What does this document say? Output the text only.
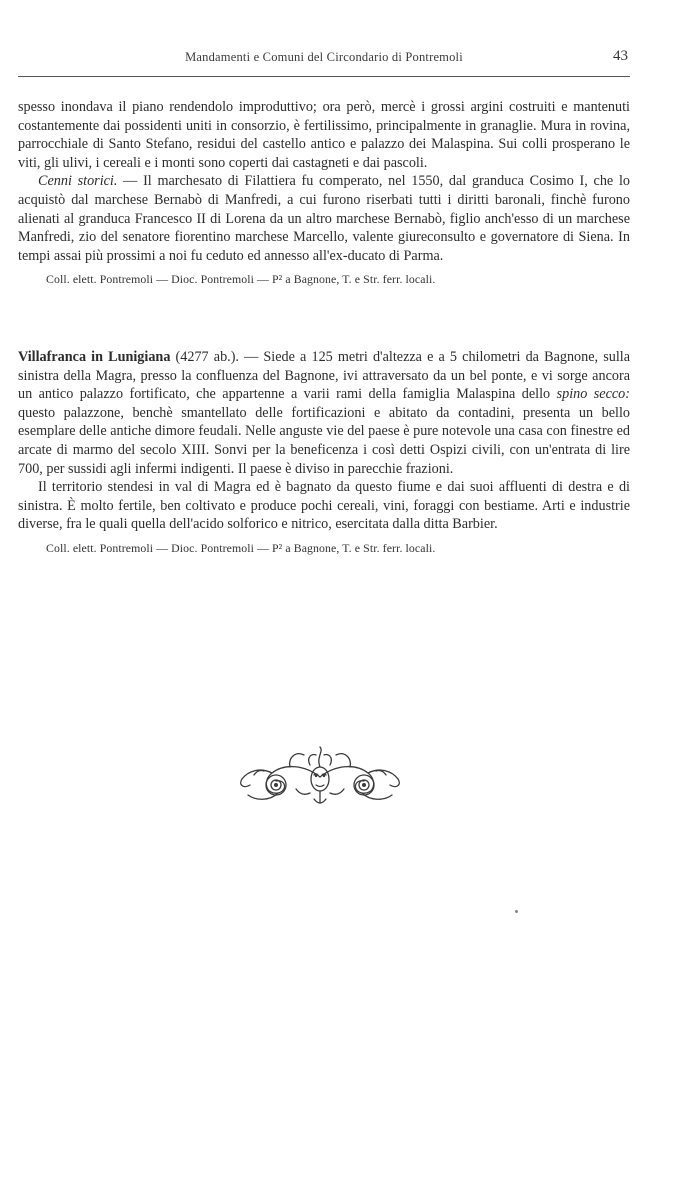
Mandamenti e Comuni del Circondario di Pontremoli	43

spesso inondava il piano rendendolo improduttivo; ora però, mercè i grossi argini costruiti e mantenuti costantemente dai possidenti uniti in consorzio, è fertilissimo, principalmente in granaglie. Mura in rovina, parrocchiale di Santo Stefano, residui del castello antico e palazzo dei Malaspina. Sui colli prosperano le viti, gli ulivi, i cereali e i monti sono coperti dai castagneti e dai pascoli.

Cenni storici. — Il marchesato di Filattiera fu comperato, nel 1550, dal granduca Cosimo I, che lo acquistò dal marchese Bernabò di Manfredi, a cui furono riserbati tutti i diritti baronali, finchè furono alienati al granduca Francesco II di Lorena da un altro marchese Bernabò, figlio anch'esso di un marchese Manfredi, zio del senatore fiorentino marchese Marcello, valente giureconsulto e governatore di Siena. In tempi assai più prossimi a noi fu ceduto ed annesso all'ex-ducato di Parma.

Coll. elett. Pontremoli — Dioc. Pontremoli — P² a Bagnone, T. e Str. ferr. locali.

Villafranca in Lunigiana (4277 ab.). — Siede a 125 metri d'altezza e a 5 chilometri da Bagnone, sulla sinistra della Magra, presso la confluenza del Bagnone, ivi attraversato da un bel ponte, e vi sorge ancora un antico palazzo fortificato, che appartenne a varii rami della famiglia Malaspina dello spino secco: questo palazzone, benchè smantellato delle fortificazioni e abitato da contadini, presenta un bello esemplare delle antiche dimore feudali. Nelle anguste vie del paese è pure notevole una casa con finestre ed arcate di marmo del secolo XIII. Sonvi per la beneficenza i così detti Ospizi civili, con un'entrata di lire 700, per sussidi agli infermi indigenti. Il paese è diviso in parecchie frazioni.

Il territorio stendesi in val di Magra ed è bagnato da questo fiume e dai suoi affluenti di destra e di sinistra. È molto fertile, ben coltivato e produce pochi cereali, vini, foraggi con bestiame. Arti e industrie diverse, fra le quali quella dell'acido solforico e nitrico, esercitata dalla ditta Barbier.

Coll. elett. Pontremoli — Dioc. Pontremoli — P² a Bagnone, T. e Str. ferr. locali.
